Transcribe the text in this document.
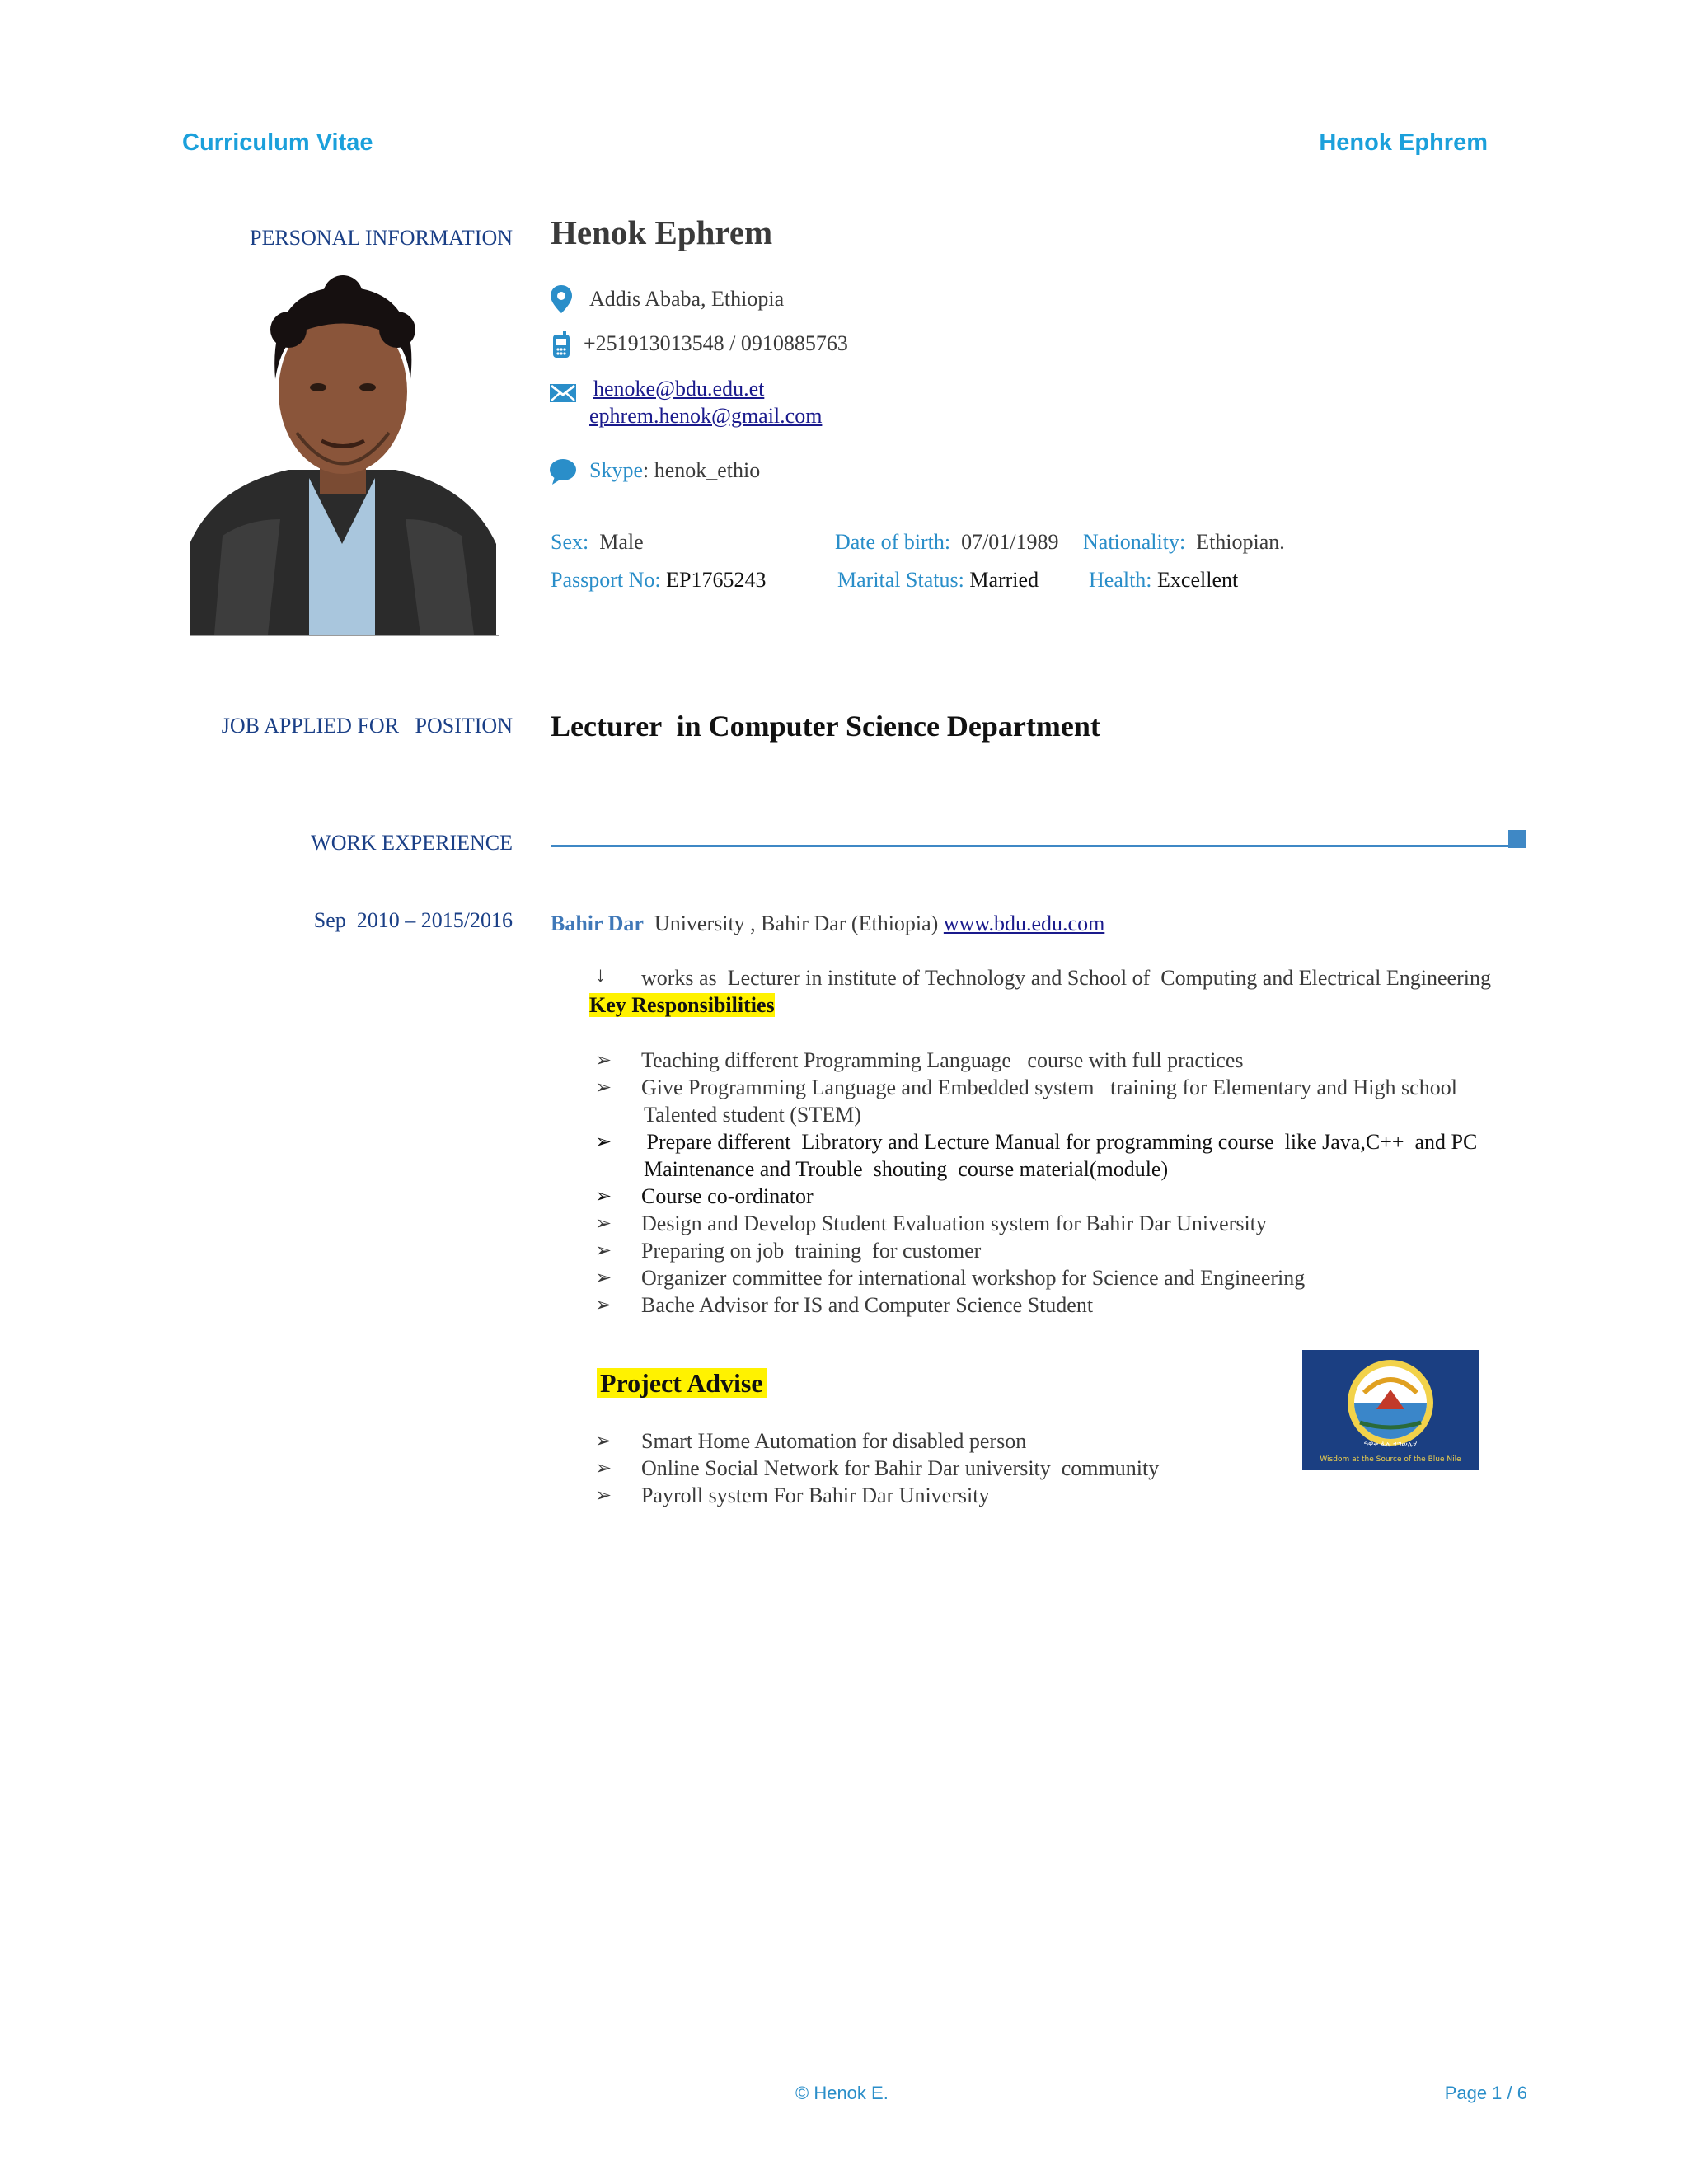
Curriculum Vitae	Henok Ephrem
PERSONAL INFORMATION Henok Ephrem
Addis Ababa, Ethiopia
+251913013548 / 0910885763
henoke@bdu.edu.et
ephrem.henok@gmail.com
Skype: henok_ethio
Sex: Male	Date of birth: 07/01/1989 Nationality: Ethiopian.
Passport No: EP1765243	Marital Status: Married Health: Excellent
JOB APPLIED FOR   POSITION Lecturer  in Computer Science Department
WORK EXPERIENCE
Sep  2010 – 2015/2016 Bahir Dar University , Bahir Dar (Ethiopia) www.bdu.edu.com
↓ works as  Lecturer in institute of Technology and School of  Computing and Electrical Engineering
Key Responsibilities
➢ Teaching different Programming Language   course with full practices
➢ Give Programming Language and Embedded system   training for Elementary and High school
Talented student (STEM)
➢ Prepare different  Libratory and Lecture Manual for programming course  like Java,C++  and PC
Maintenance and Trouble  shouting  course material(module)
➢ Course co-ordinator
➢ Design and Develop Student Evaluation system for Bahir Dar University
➢ Preparing on job  training  for customer
➢ Organizer committee for international workshop for Science and Engineering
➢ Bache Advisor for IS and Computer Science Student
Project Advise
➢ Smart Home Automation for disabled person
➢ Online Social Network for Bahir Dar university  community
➢ Payroll system For Bahir Dar University
ዓዋቂ ፋሉ ተገሠሌሃ
Wisdom at the Source of the Blue Nile
© Henok E.	Page 1 / 6
